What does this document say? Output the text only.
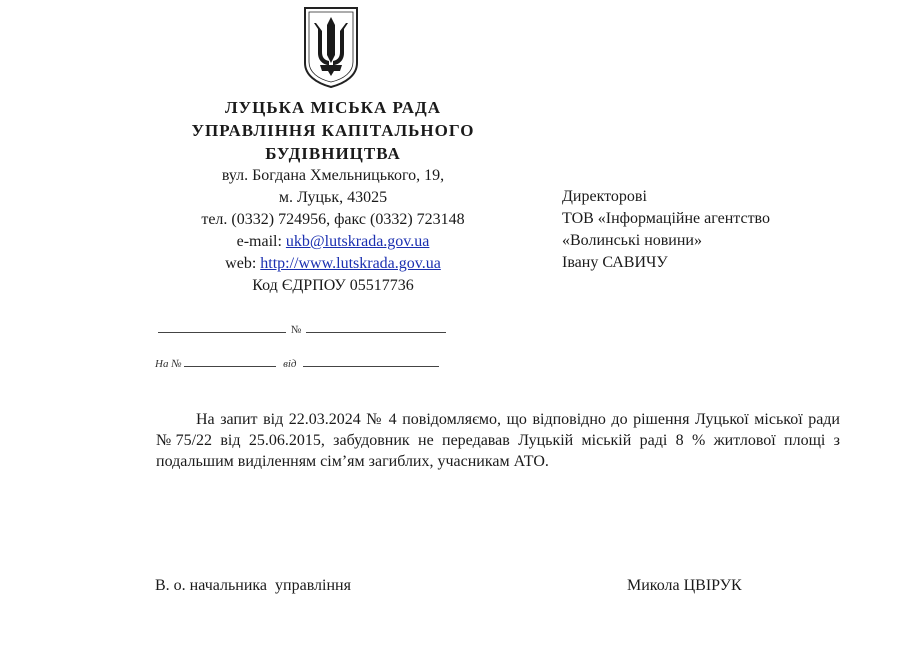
ЛУЦЬКА МІСЬКА РАДА
УПРАВЛІННЯ КАПІТАЛЬНОГО
БУДІВНИЦТВА
вул. Богдана Хмельницького, 19,
м. Луцьк, 43025
тел. (0332) 724956, факс (0332) 723148
e-mail: ukb@lutskrada.gov.ua
web: http://www.lutskrada.gov.ua
Код ЄДРПОУ 05517736
№
На №	від
Директорові
ТОВ «Інформаційне агентство
«Волинські новини»
Івану САВИЧУ
На запит від 22.03.2024 № 4 повідомляємо, що відповідно до рішення Луцької міської ради №75/22 від 25.06.2015, забудовник не передавав Луцькій міській раді 8 % житлової площі з подальшим виділенням сім’ям загиблих, учасникам АТО.
В. о. начальника  управління	Микола ЦВІРУК
